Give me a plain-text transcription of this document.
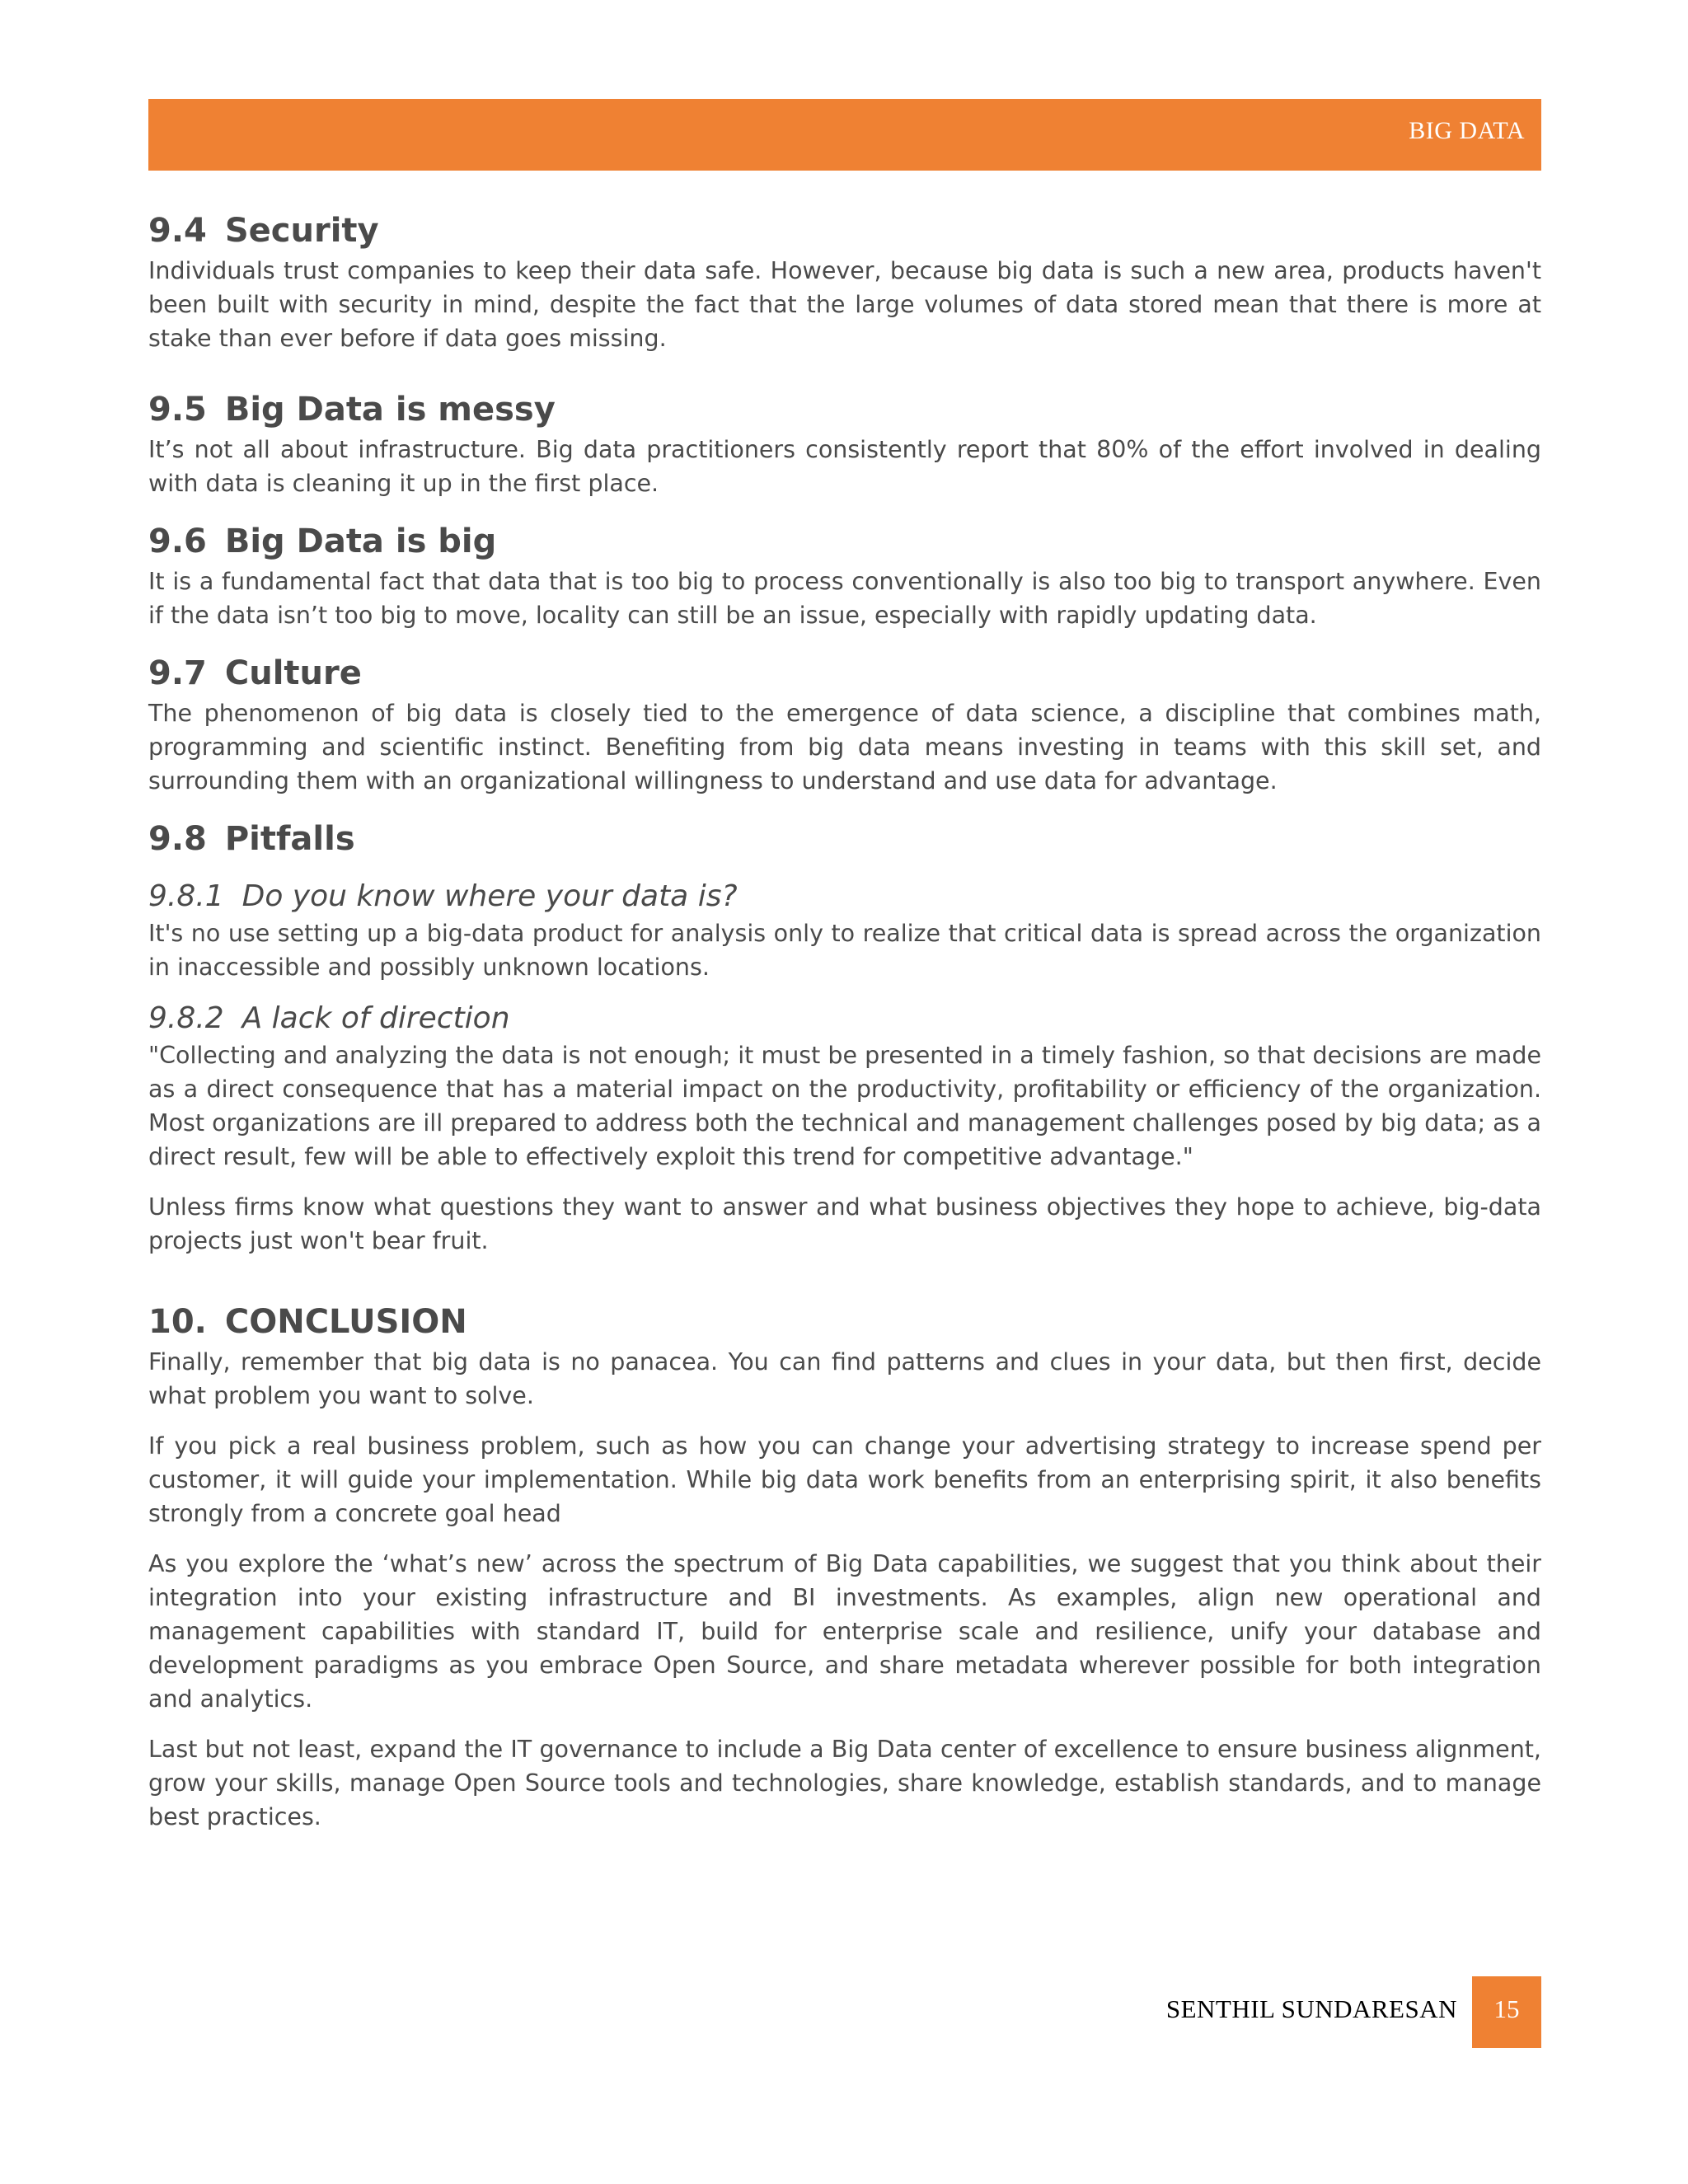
BIG DATA
9.4 Security

Individuals trust companies to keep their data safe. However, because big data is such a new area, products haven't been built with security in mind, despite the fact that the large volumes of data stored mean that there is more at stake than ever before if data goes missing.

9.5 Big Data is messy

It’s not all about infrastructure. Big data practitioners consistently report that 80% of the effort involved in dealing with data is cleaning it up in the first place.

9.6 Big Data is big

It is a fundamental fact that data that is too big to process conventionally is also too big to transport anywhere. Even if the data isn’t too big to move, locality can still be an issue, especially with rapidly updating data.

9.7 Culture

The phenomenon of big data is closely tied to the emergence of data science, a discipline that combines math, programming and scientific instinct. Benefiting from big data means investing in teams with this skill set, and surrounding them with an organizational willingness to understand and use data for advantage.

9.8 Pitfalls
9.8.1 Do you know where your data is?

It's no use setting up a big-data product for analysis only to realize that critical data is spread across the organization in inaccessible and possibly unknown locations.

9.8.2 A lack of direction

"Collecting and analyzing the data is not enough; it must be presented in a timely fashion, so that decisions are made as a direct consequence that has a material impact on the productivity, profitability or efficiency of the organization. Most organizations are ill prepared to address both the technical and management challenges posed by big data; as a direct result, few will be able to effectively exploit this trend for competitive advantage."

Unless firms know what questions they want to answer and what business objectives they hope to achieve, big-data projects just won't bear fruit.

10. CONCLUSION

Finally, remember that big data is no panacea. You can find patterns and clues in your data, but then first, decide what problem you want to solve.

If you pick a real business problem, such as how you can change your advertising strategy to increase spend per customer, it will guide your implementation. While big data work benefits from an enterprising spirit, it also benefits strongly from a concrete goal head

As you explore the ‘what’s new’ across the spectrum of Big Data capabilities, we suggest that you think about their integration into your existing infrastructure and BI investments. As examples, align new operational and management capabilities with standard IT, build for enterprise scale and resilience, unify your database and development paradigms as you embrace Open Source, and share metadata wherever possible for both integration and analytics.

Last but not least, expand the IT governance to include a Big Data center of excellence to ensure business alignment, grow your skills, manage Open Source tools and technologies, share knowledge, establish standards, and to manage best practices.

SENTHIL SUNDARESAN	15
